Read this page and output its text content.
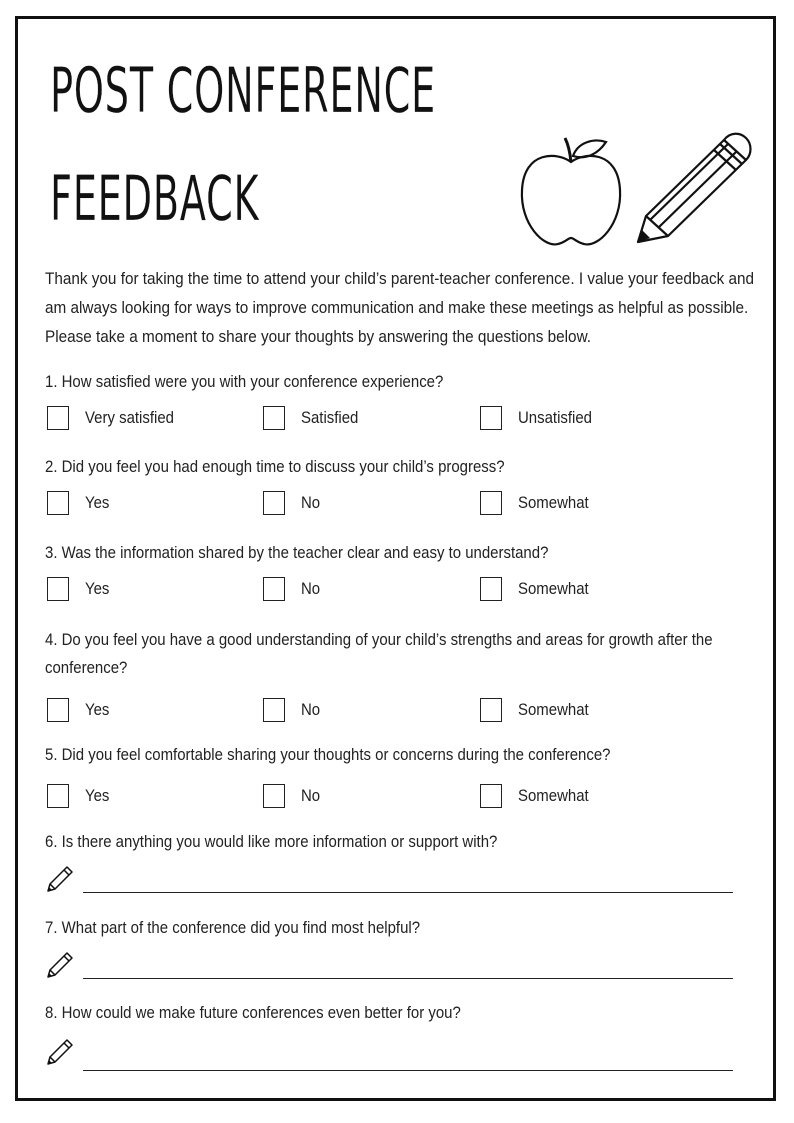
POST CONFERENCE
FEEDBACK
Thank you for taking the time to attend your child’s parent-teacher conference. I value your feedback and am always looking for ways to improve communication and make these meetings as helpful as possible. Please take a moment to share your thoughts by answering the questions below.
1. How satisfied were you with your conference experience?
Very satisfied	Satisfied	Unsatisfied
2. Did you feel you had enough time to discuss your child’s progress?
Yes	No	Somewhat
3. Was the information shared by the teacher clear and easy to understand?
Yes	No	Somewhat
4. Do you feel you have a good understanding of your child’s strengths and areas for growth after the conference?
Yes	No	Somewhat
5. Did you feel comfortable sharing your thoughts or concerns during the conference?
Yes	No	Somewhat
6. Is there anything you would like more information or support with?
7. What part of the conference did you find most helpful?
8. How could we make future conferences even better for you?
